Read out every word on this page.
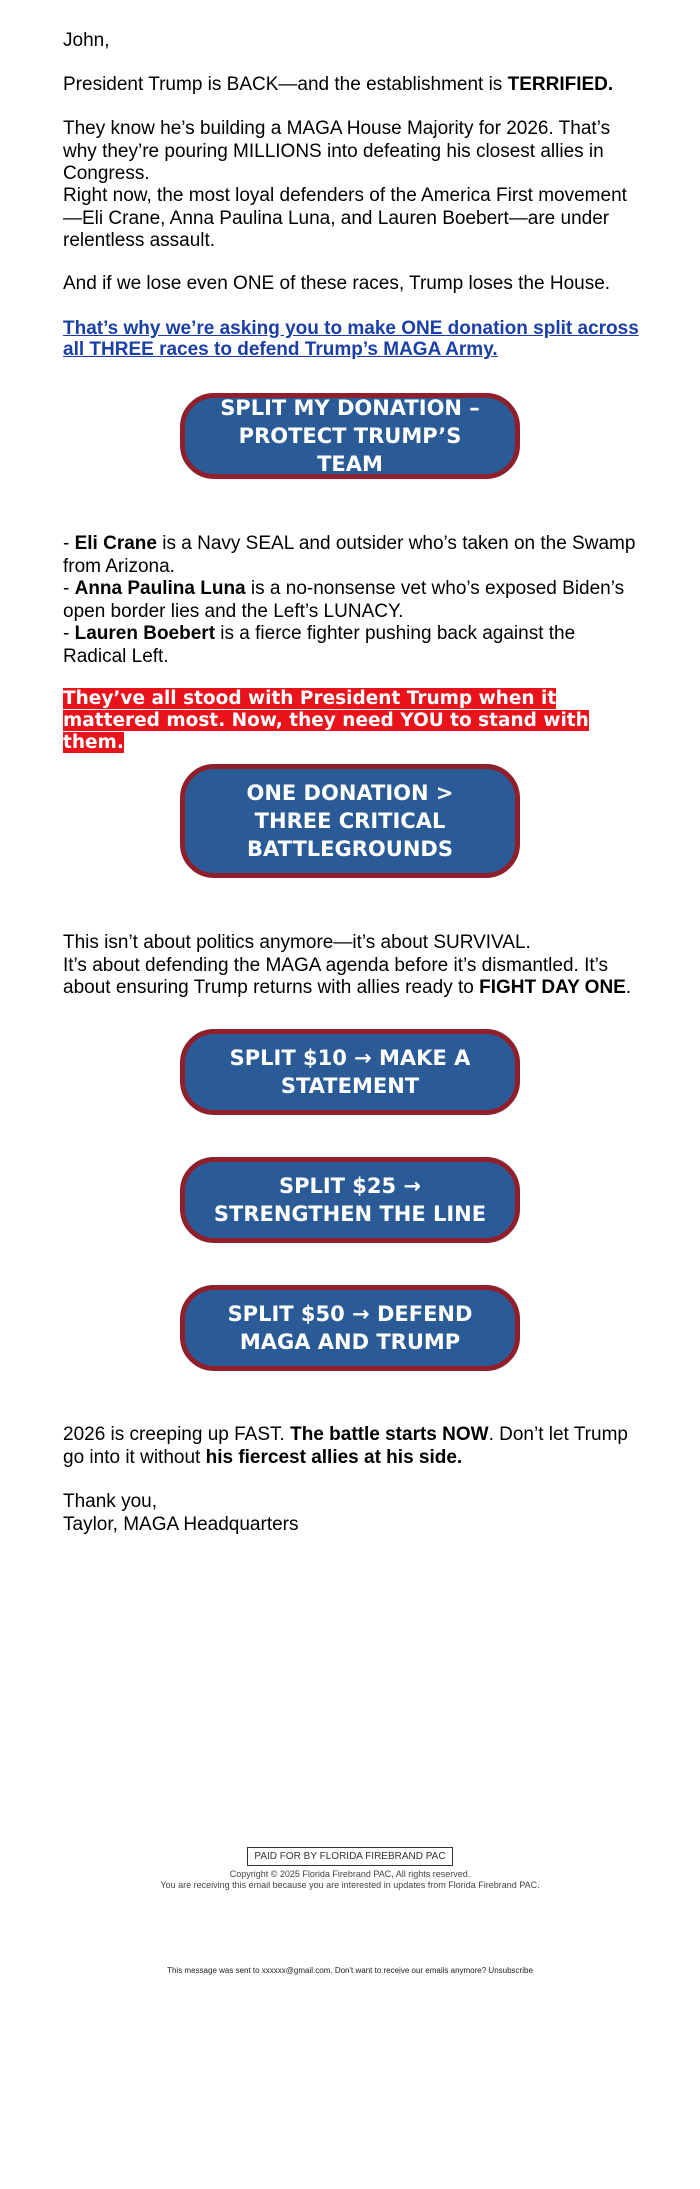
John,

President Trump is BACK—and the establishment is TERRIFIED.

They know he’s building a MAGA House Majority for 2026. That’s why they’re pouring MILLIONS into defeating his closest allies in Congress.

Right now, the most loyal defenders of the America First movement—Eli Crane, Anna Paulina Luna, and Lauren Boebert—are under relentless assault.

And if we lose even ONE of these races, Trump loses the House.

That’s why we’re asking you to make ONE donation split across all THREE races to defend Trump’s MAGA Army.

SPLIT MY DONATION – PROTECT TRUMP’S TEAM

- Eli Crane is a Navy SEAL and outsider who’s taken on the Swamp from Arizona.

- Anna Paulina Luna is a no-nonsense vet who’s exposed Biden’s open border lies and the Left’s LUNACY.

- Lauren Boebert is a fierce fighter pushing back against the Radical Left.

They’ve all stood with President Trump when it mattered most. Now, they need YOU to stand with them.

ONE DONATION > THREE CRITICAL BATTLEGROUNDS

This isn’t about politics anymore—it’s about SURVIVAL.
It’s about defending the MAGA agenda before it’s dismantled. It’s about ensuring Trump returns with allies ready to FIGHT DAY ONE.

SPLIT $10 → MAKE A STATEMENT
SPLIT $25 → STRENGTHEN THE LINE
SPLIT $50 → DEFEND MAGA AND TRUMP

2026 is creeping up FAST. The battle starts NOW. Don’t let Trump go into it without his fiercest allies at his side.

Thank you,
Taylor, MAGA Headquarters

PAID FOR BY FLORIDA FIREBRAND PAC
Copyright © 2025 Florida Firebrand PAC, All rights reserved.
You are receiving this email because you are interested in updates from Florida Firebrand PAC.
This message was sent to xxxxxx@gmail.com. Don't want to receive our emails anymore? Unsubscribe
